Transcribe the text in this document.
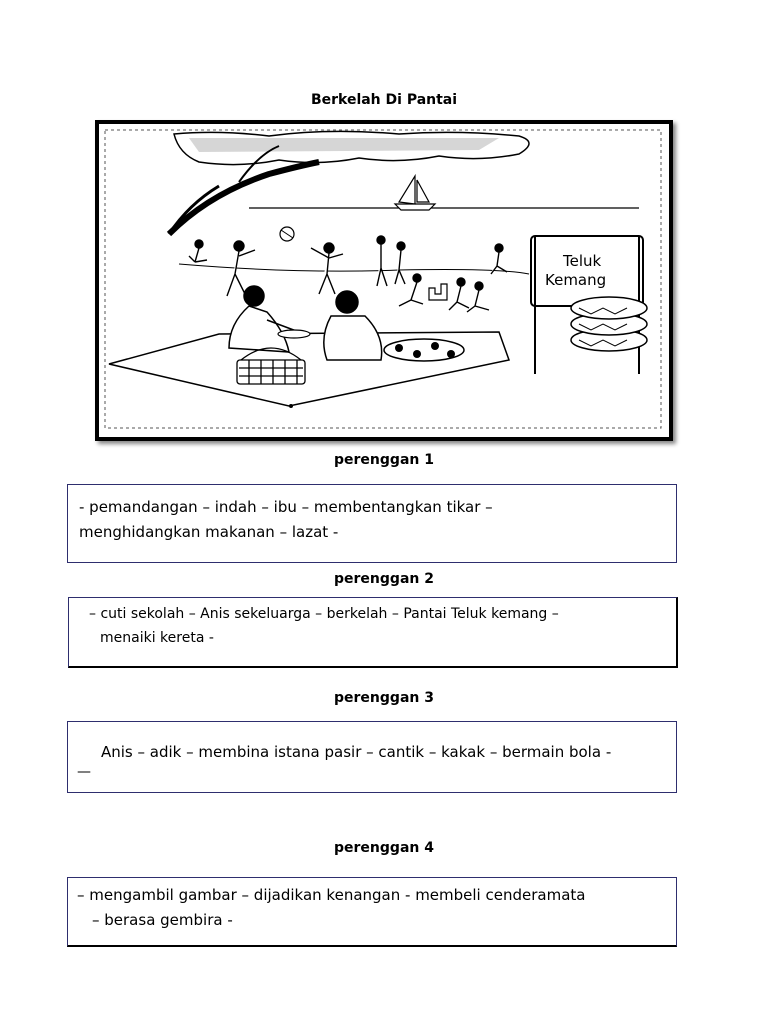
Berkelah Di Pantai
Teluk
Kemang
perenggan 1
- pemandangan – indah – ibu – membentangkan tikar –
menghidangkan makanan – lazat -
perenggan 2
– cuti sekolah – Anis sekeluarga – berkelah – Pantai Teluk kemang –
menaiki kereta -
perenggan 3
Anis – adik – membina istana pasir – cantik – kakak – bermain bola -
—
perenggan 4
– mengambil gambar – dijadikan kenangan - membeli cenderamata
– berasa gembira -
